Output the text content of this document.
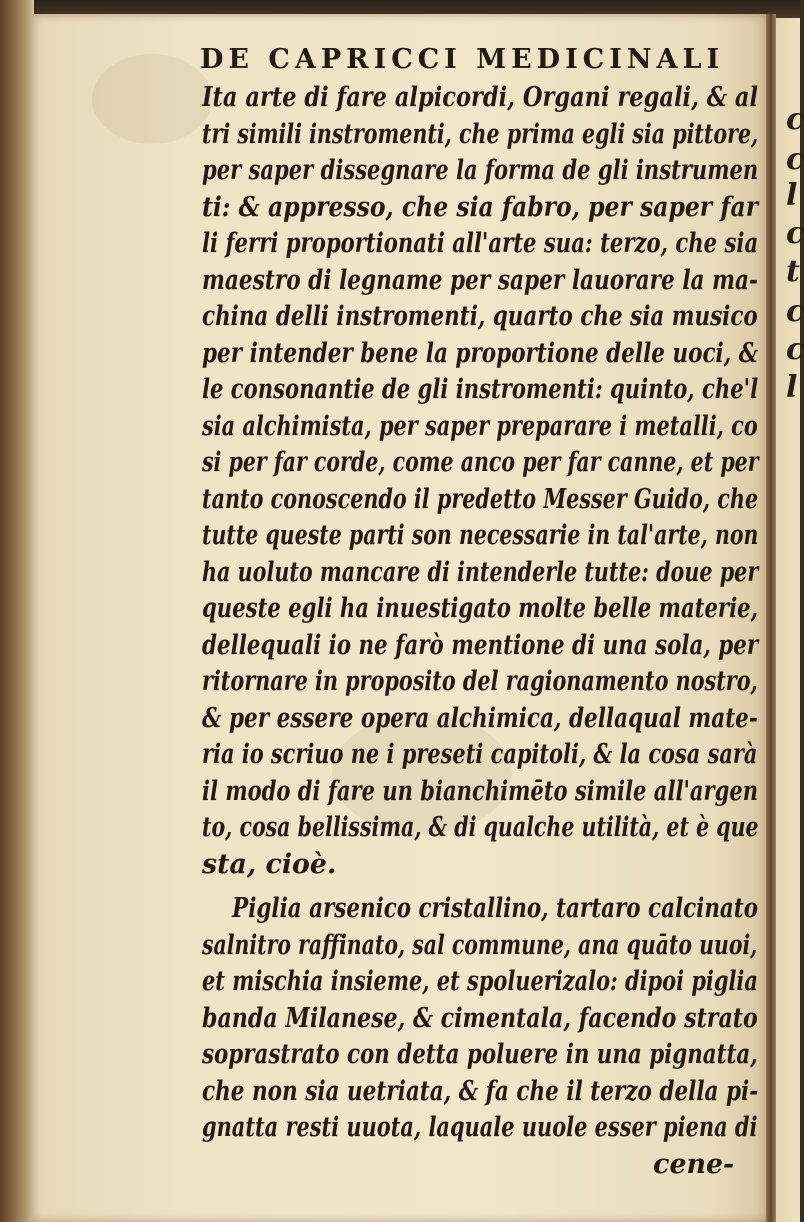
c
c
l
c
t
c
c
l
DE CAPRICCI MEDICINALI
Ita arte di fare alpicordi, Organi regali, & al
tri simili instromenti, che prima egli sia pittore,
per saper dissegnare la forma de gli instrumen
ti: & appresso, che sia fabro, per saper far
li ferri proportionati all'arte sua: terzo, che sia
maestro di legname per saper lauorare la ma-
china delli instromenti, quarto che sia musico
per intender bene la proportione delle uoci, &
le consonantie de gli instromenti: quinto, che'l
sia alchimista, per saper preparare i metalli, co
si per far corde, come anco per far canne, et per
tanto conoscendo il predetto Messer Guido, che
tutte queste parti son necessarie in tal'arte, non
ha uoluto mancare di intenderle tutte: doue per
queste egli ha inuestigato molte belle materie,
dellequali io ne farò mentione di una sola, per
ritornare in proposito del ragionamento nostro,
& per essere opera alchimica, dellaqual mate-
ria io scriuo ne i preseti capitoli, & la cosa sarà
il modo di fare un bianchimēto simile all'argen
to, cosa bellissima, & di qualche utilità, et è que
sta, cioè.
Piglia arsenico cristallino, tartaro calcinato
salnitro raffinato, sal commune, ana quāto uuoi,
et mischia insieme, et spoluerizalo: dipoi piglia
banda Milanese, & cimentala, facendo strato
soprastrato con detta poluere in una pignatta,
che non sia uetriata, & fa che il terzo della pi-
gnatta resti uuota, laquale uuole esser piena di
cene-
